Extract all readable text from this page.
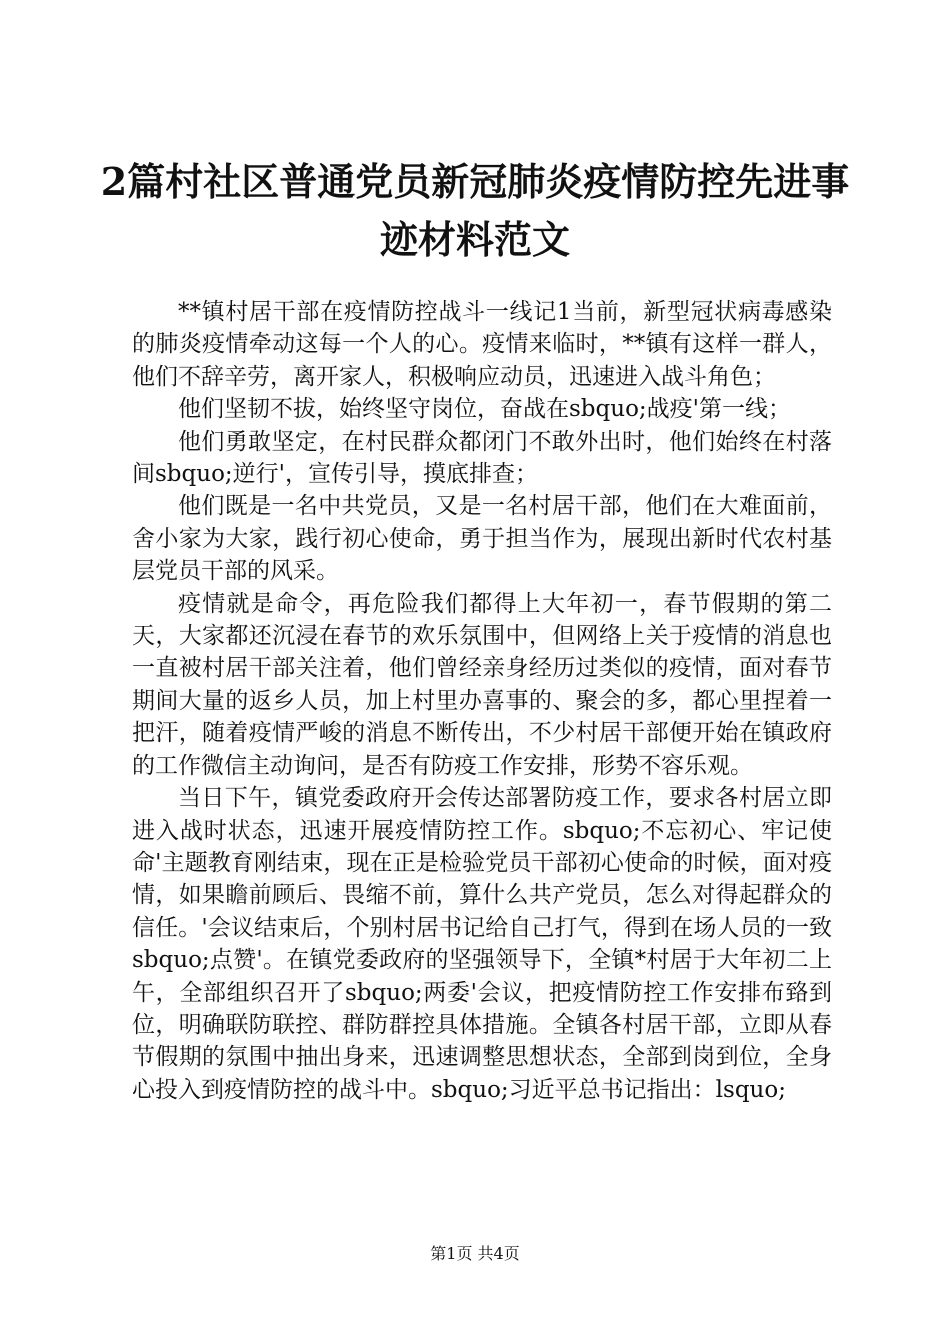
2篇村社区普通党员新冠肺炎疫情防控先进事
迹材料范文

**镇村居干部在疫情防控战斗一线记1当前，新型冠状病毒感染的肺炎疫情牵动这每一个人的心。疫情来临时，**镇有这样一群人，他们不辞辛劳，离开家人，积极响应动员，迅速进入战斗角色；

他们坚韧不拔，始终坚守岗位，奋战在sbquo;战疫'第一线；

他们勇敢坚定，在村民群众都闭门不敢外出时，他们始终在村落间sbquo;逆行'，宣传引导，摸底排查；

他们既是一名中共党员，又是一名村居干部，他们在大难面前，舍小家为大家，践行初心使命，勇于担当作为，展现出新时代农村基层党员干部的风采。

疫情就是命令，再危险我们都得上大年初一，春节假期的第二天，大家都还沉浸在春节的欢乐氛围中，但网络上关于疫情的消息也一直被村居干部关注着，他们曾经亲身经历过类似的疫情，面对春节期间大量的返乡人员，加上村里办喜事的、聚会的多，都心里捏着一把汗，随着疫情严峻的消息不断传出，不少村居干部便开始在镇政府的工作微信主动询问，是否有防疫工作安排，形势不容乐观。

当日下午，镇党委政府开会传达部署防疫工作，要求各村居立即进入战时状态，迅速开展疫情防控工作。sbquo;不忘初心、牢记使命'主题教育刚结束，现在正是检验党员干部初心使命的时候，面对疫情，如果瞻前顾后、畏缩不前，算什么共产党员，怎么对得起群众的信任。'会议结束后，个别村居书记给自己打气，得到在场人员的一致sbquo;点赞'。在镇党委政府的坚强领导下，全镇*村居于大年初二上午，全部组织召开了sbquo;两委'会议，把疫情防控工作安排布臵到位，明确联防联控、群防群控具体措施。全镇各村居干部，立即从春节假期的氛围中抽出身来，迅速调整思想状态，全部到岗到位，全身心投入到疫情防控的战斗中。sbquo;习近平总书记指出：lsquo;

第1页 共4页
